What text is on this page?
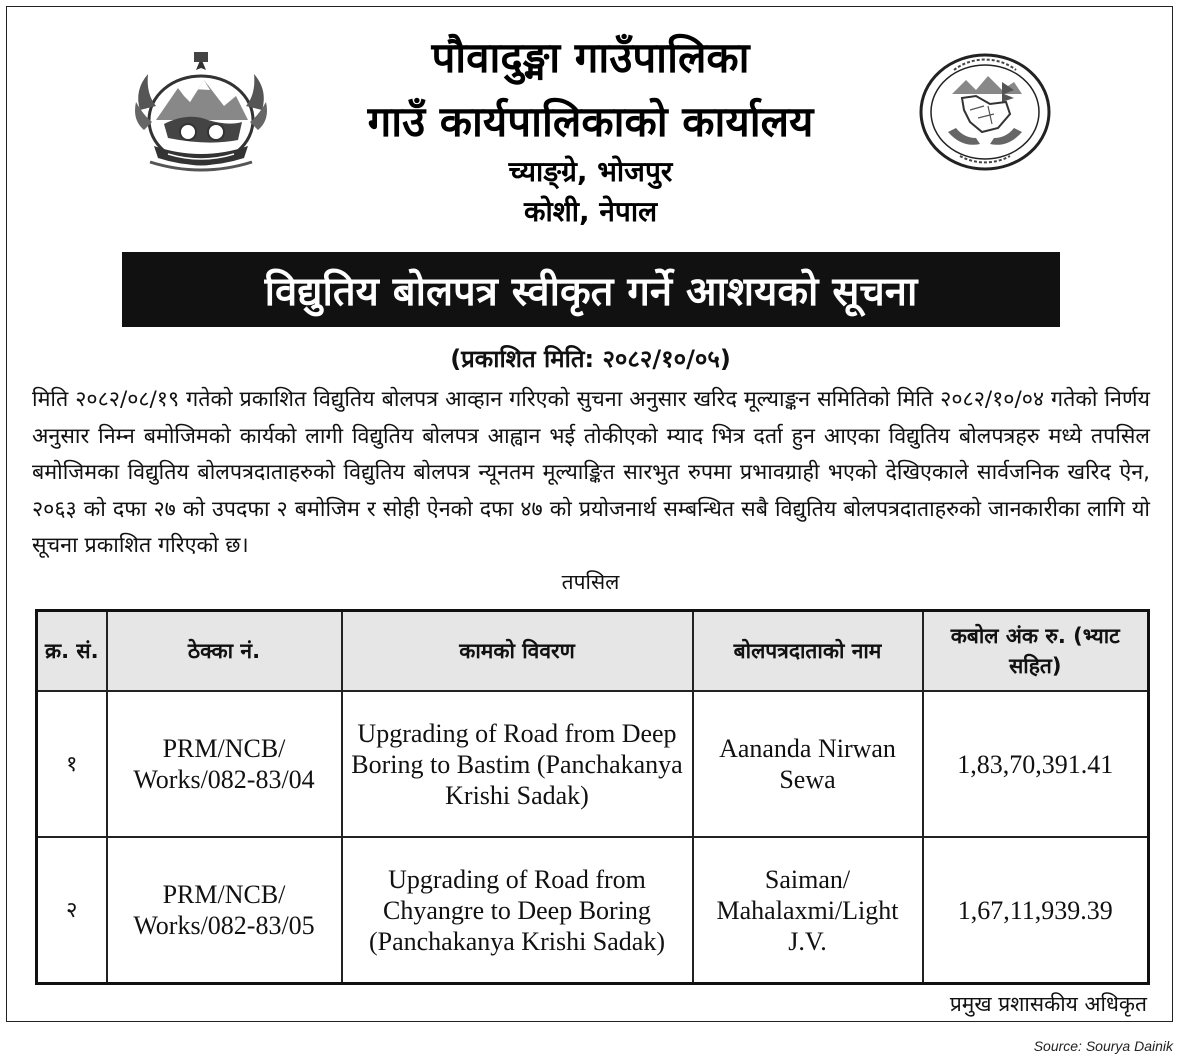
पौवादुङ्मा गाउँपालिका
गाउँ कार्यपालिकाको कार्यालय
च्याङ्ग्रे, भोजपुर
कोशी, नेपाल
विद्युतिय बोलपत्र स्वीकृत गर्ने आशयको सूचना
(प्रकाशित मिति: २०८२/१०/०५)
मिति २०८२/०८/१९ गतेको प्रकाशित विद्युतिय बोलपत्र आव्हान गरिएको सुचना अनुसार खरिद मूल्याङ्कन समितिको मिति २०८२/१०/०४ गतेको निर्णय अनुसार निम्न बमोजिमको कार्यको लागी विद्युतिय बोलपत्र आह्वान भई तोकीएको म्याद भित्र दर्ता हुन आएका विद्युतिय बोलपत्रहरु मध्ये तपसिल बमोजिमका विद्युतिय बोलपत्रदाताहरुको विद्युतिय बोलपत्र न्यूनतम मूल्याङ्कित सारभुत रुपमा प्रभावग्राही भएको देखिएकाले सार्वजनिक खरिद ऐन, २०६३ को दफा २७ को उपदफा २ बमोजिम र सोही ऐनको दफा ४७ को प्रयोजनार्थ सम्बन्धित सबै विद्युतिय बोलपत्रदाताहरुको जानकारीका लागि यो सूचना प्रकाशित गरिएको छ।
तपसिल
क्र. सं.	ठेक्का नं.	कामको विवरण	बोलपत्रदाताको नाम	कबोल अंक रु. (भ्याट सहित)
१	PRM/NCB/ Works/082-83/04	Upgrading of Road from Deep Boring to Bastim (Panchakanya Krishi Sadak)	Aananda Nirwan Sewa	1,83,70,391.41
२	PRM/NCB/ Works/082-83/05	Upgrading of Road from Chyangre to Deep Boring (Panchakanya Krishi Sadak)	Saiman/ Mahalaxmi/Light J.V.	1,67,11,939.39
प्रमुख प्रशासकीय अधिकृत
Source: Sourya Dainik
